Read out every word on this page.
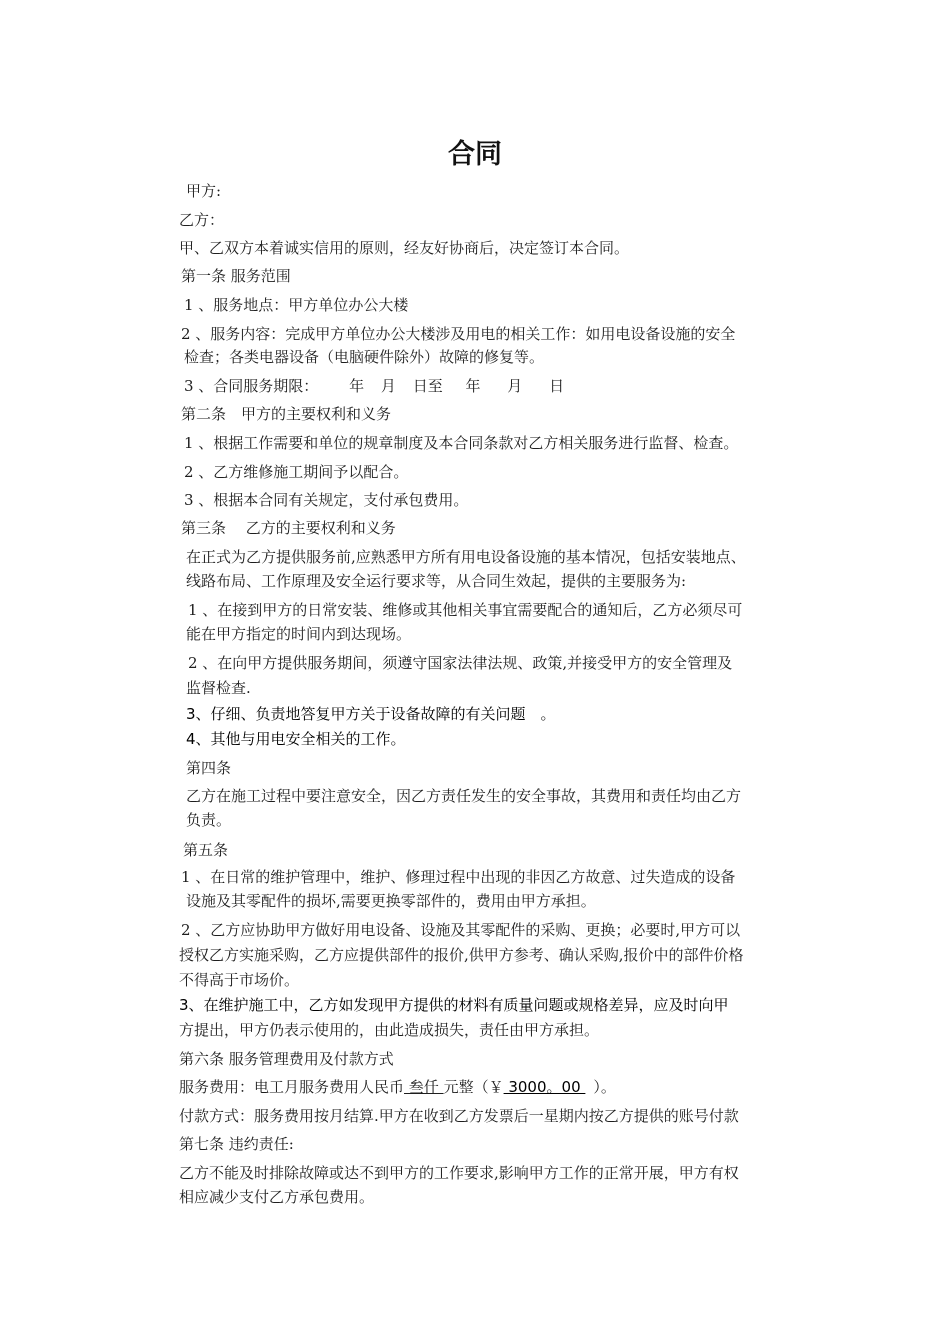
合同
甲方:
乙方：
甲、乙双方本着诚实信用的原则，经友好协商后，决定签订本合同。
第一条 服务范围
1 、服务地点：甲方单位办公大楼
2 、服务内容：完成甲方单位办公大楼涉及用电的相关工作：如用电设备设施的安全
检查；各类电器设备（电脑硬件除外）故障的修复等。
3 、合同服务期限： 年 月 日至 年 月 日
第二条　甲方的主要权利和义务
1 、根据工作需要和单位的规章制度及本合同条款对乙方相关服务进行监督、检查。
2 、乙方维修施工期间予以配合。
3 、根据本合同有关规定，支付承包费用。
第三条　 乙方的主要权利和义务
在正式为乙方提供服务前,应熟悉甲方所有用电设备设施的基本情况，包括安装地点、
线路布局、工作原理及安全运行要求等，从合同生效起，提供的主要服务为:
1 、在接到甲方的日常安装、维修或其他相关事宜需要配合的通知后，乙方必须尽可
能在甲方指定的时间内到达现场。
2 、在向甲方提供服务期间，须遵守国家法律法规、政策,并接受甲方的安全管理及
监督检查.
3、仔细、负责地答复甲方关于设备故障的有关问题　。
4、其他与用电安全相关的工作。
第四条
乙方在施工过程中要注意安全，因乙方责任发生的安全事故，其费用和责任均由乙方
负责。
第五条
1 、在日常的维护管理中，维护、修理过程中出现的非因乙方故意、过失造成的设备
设施及其零配件的损坏,需要更换零部件的，费用由甲方承担。
2 、乙方应协助甲方做好用电设备、设施及其零配件的采购、更换；必要时,甲方可以
授权乙方实施采购，乙方应提供部件的报价,供甲方参考、确认采购,报价中的部件价格
不得高于市场价。
3、在维护施工中，乙方如发现甲方提供的材料有质量问题或规格差异，应及时向甲
方提出，甲方仍表示使用的，由此造成损失，责任由甲方承担。
第六条 服务管理费用及付款方式
服务费用：电工月服务费用人民币 叁仟 元整（￥ 3000。00 ）。
付款方式：服务费用按月结算.甲方在收到乙方发票后一星期内按乙方提供的账号付款
第七条 违约责任:
乙方不能及时排除故障或达不到甲方的工作要求,影响甲方工作的正常开展，甲方有权
相应减少支付乙方承包费用。
